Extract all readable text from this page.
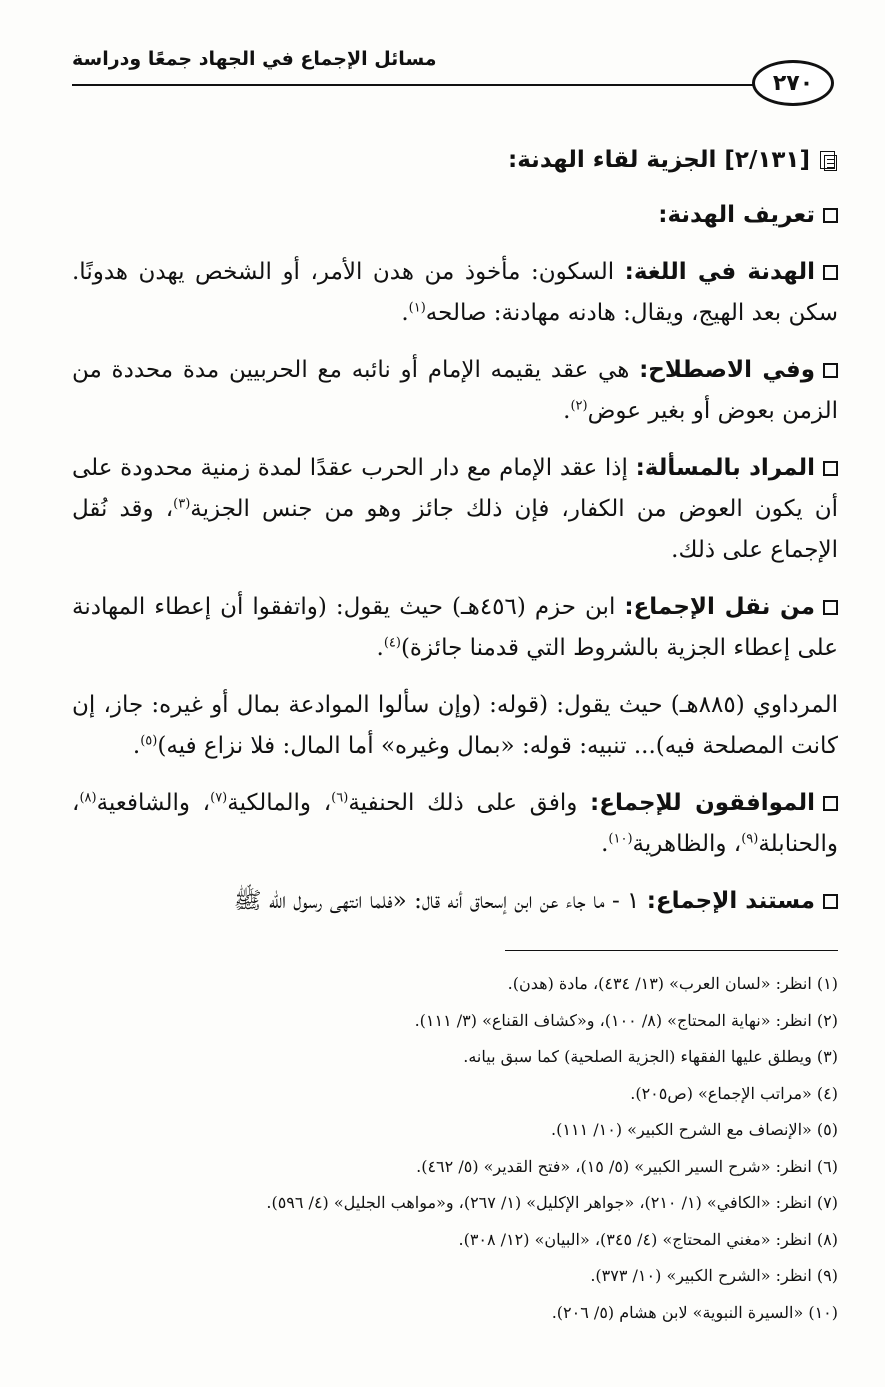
مسائل الإجماع في الجهاد جمعًا ودراسة
٢٧٠
[٢/١٣١] الجزية لقاء الهدنة:

تعريف الهدنة:

الهدنة في اللغة: السكون: مأخوذ من هدن الأمر، أو الشخص يهدن هدونًا. سكن بعد الهيج، ويقال: هادنه مهادنة: صالحه$^{(١)}$.

وفي الاصطلاح: هي عقد يقيمه الإمام أو نائبه مع الحربيين مدة محددة من الزمن بعوض أو بغير عوض$^{(٢)}$.

المراد بالمسألة: إذا عقد الإمام مع دار الحرب عقدًا لمدة زمنية محدودة على أن يكون العوض من الكفار، فإن ذلك جائز وهو من جنس الجزية$^{(٣)}$، وقد نُقل الإجماع على ذلك.

من نقل الإجماع: ابن حزم (٤٥٦هـ) حيث يقول: (واتفقوا أن إعطاء المهادنة على إعطاء الجزية بالشروط التي قدمنا جائزة)$^{(٤)}$.

المرداوي (٨٨٥هـ) حيث يقول: (قوله: (وإن سألوا الموادعة بمال أو غيره: جاز، إن كانت المصلحة فيه)... تنبيه: قوله: «بمال وغيره» أما المال: فلا نزاع فيه)$^{(٥)}$.

الموافقون للإجماع: وافق على ذلك الحنفية$^{(٦)}$، والمالكية$^{(٧)}$، والشافعية$^{(٨)}$، والحنابلة$^{(٩)}$، والظاهرية$^{(١٠)}$.

مستند الإجماع: ١ - ما جاء عن ابن إسحاق أنه قال: «فلما انتهى رسول الله ﷺ

(١) انظر: «لسان العرب» (١٣/ ٤٣٤)، مادة (هدن).

(٢) انظر: «نهاية المحتاج» (٨/ ١٠٠)، و«كشاف القناع» (٣/ ١١١).

(٣) ويطلق عليها الفقهاء (الجزية الصلحية) كما سبق بيانه.

(٤) «مراتب الإجماع» (ص٢٠٥).

(٥) «الإنصاف مع الشرح الكبير» (١٠/ ١١١).

(٦) انظر: «شرح السير الكبير» (٥/ ١٥)، «فتح القدير» (٥/ ٤٦٢).

(٧) انظر: «الكافي» (١/ ٢١٠)، «جواهر الإكليل» (١/ ٢٦٧)، و«مواهب الجليل» (٤/ ٥٩٦).

(٨) انظر: «مغني المحتاج» (٤/ ٣٤٥)، «البيان» (١٢/ ٣٠٨).

(٩) انظر: «الشرح الكبير» (١٠/ ٣٧٣).

(١٠) «السيرة النبوية» لابن هشام (٥/ ٢٠٦).
